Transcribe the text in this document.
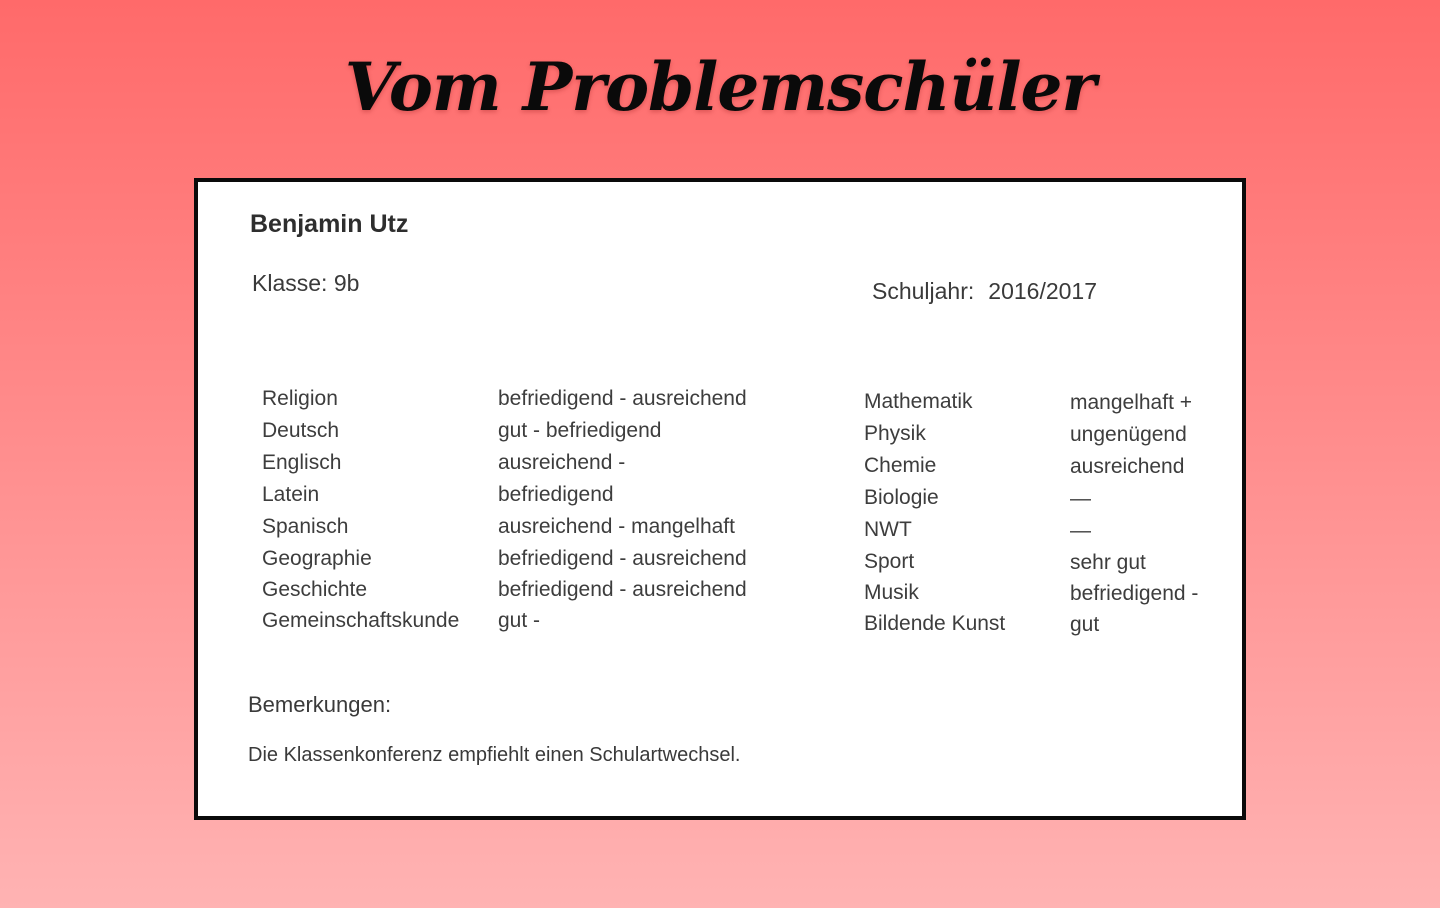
Vom Problemschüler
Benjamin Utz
Klasse: 9b	Schuljahr: 2016/2017
Religion	befriedigend - ausreichend	Mathematik	mangelhaft +
Deutsch	gut - befriedigend	Physik	ungenügend
Englisch	ausreichend -	Chemie	ausreichend
Latein	befriedigend	Biologie	—
Spanisch	ausreichend - mangelhaft	NWT	—
Geographie	befriedigend - ausreichend	Sport	sehr gut
Geschichte	befriedigend - ausreichend	Musik	befriedigend -
Gemeinschaftskunde gut -	Bildende Kunst	gut
Bemerkungen:
Die Klassenkonferenz empfiehlt einen Schulartwechsel.
